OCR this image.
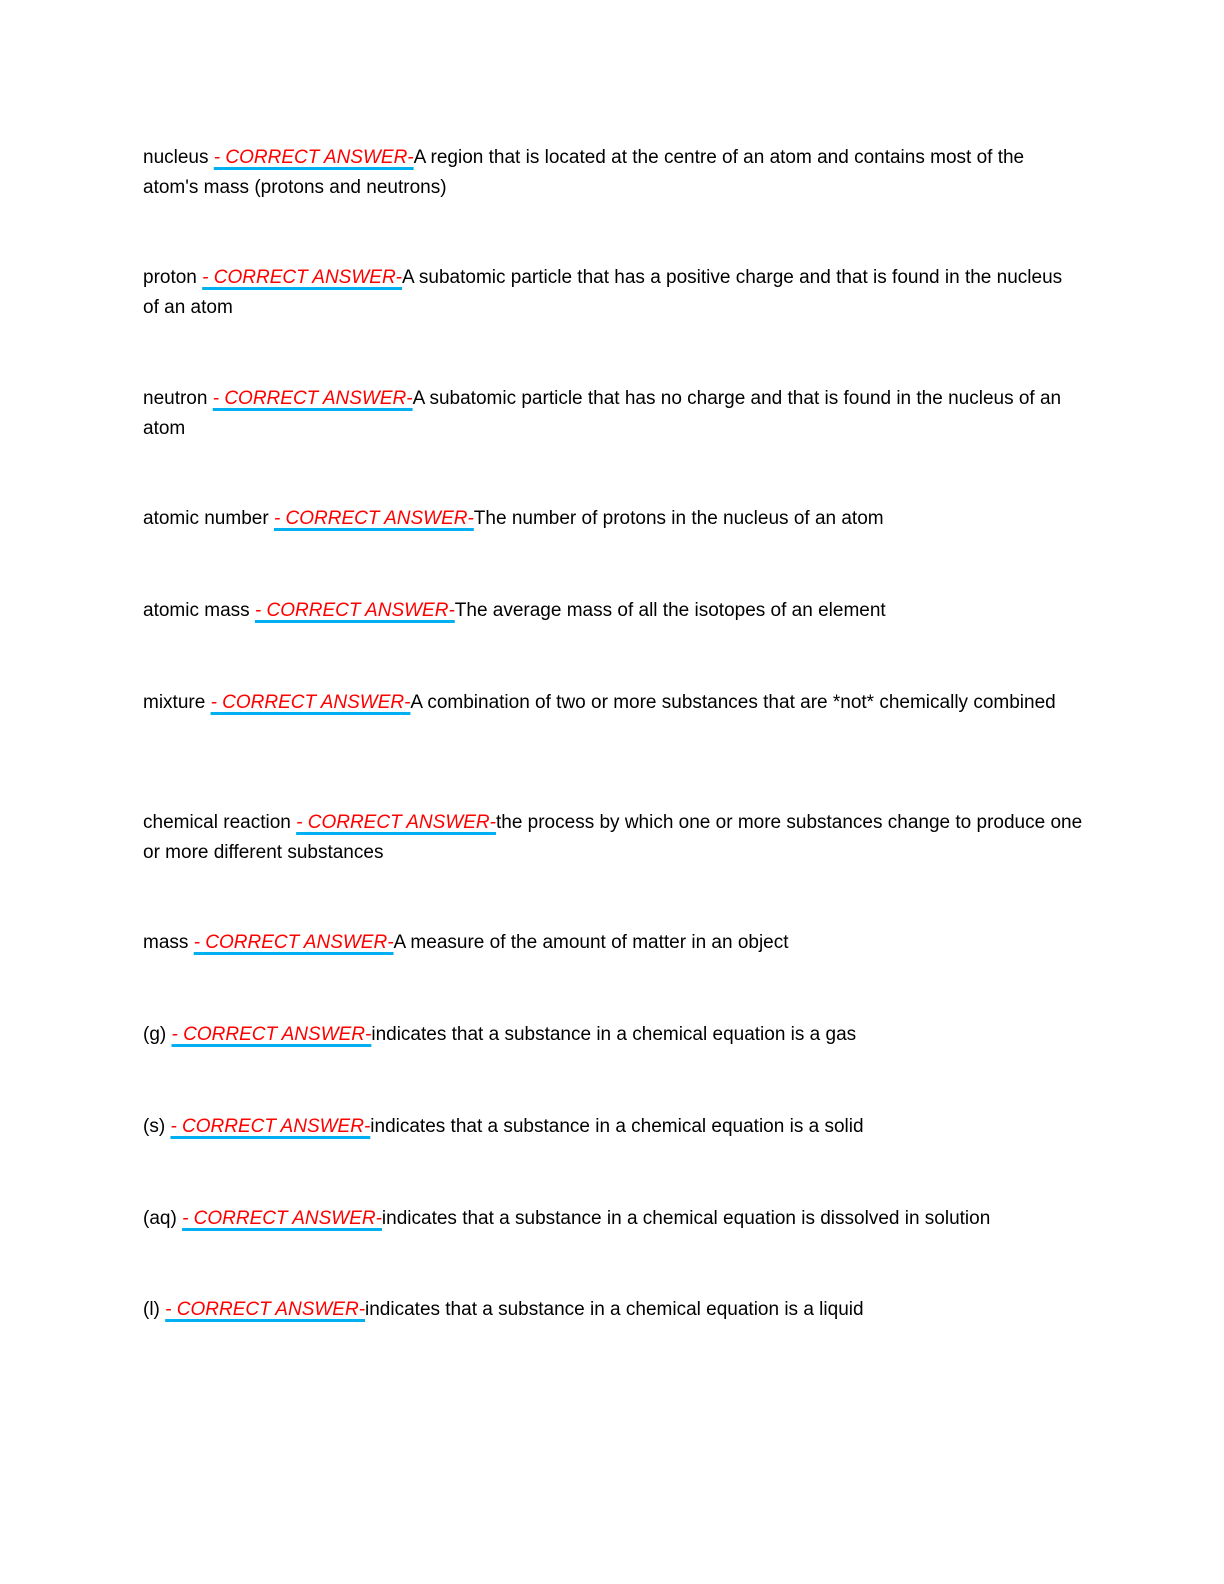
nucleus - CORRECT ANSWER-A region that is located at the centre of an atom and contains most of the atom's mass (protons and neutrons)

proton - CORRECT ANSWER-A subatomic particle that has a positive charge and that is found in the nucleus of an atom

neutron - CORRECT ANSWER-A subatomic particle that has no charge and that is found in the nucleus of an atom

atomic number - CORRECT ANSWER-The number of protons in the nucleus of an atom

atomic mass - CORRECT ANSWER-The average mass of all the isotopes of an element

mixture - CORRECT ANSWER-A combination of two or more substances that are *not* chemically combined

chemical reaction - CORRECT ANSWER-the process by which one or more substances change to produce one or more different substances

mass - CORRECT ANSWER-A measure of the amount of matter in an object

(g) - CORRECT ANSWER-indicates that a substance in a chemical equation is a gas

(s) - CORRECT ANSWER-indicates that a substance in a chemical equation is a solid

(aq) - CORRECT ANSWER-indicates that a substance in a chemical equation is dissolved in solution

(l) - CORRECT ANSWER-indicates that a substance in a chemical equation is a liquid
